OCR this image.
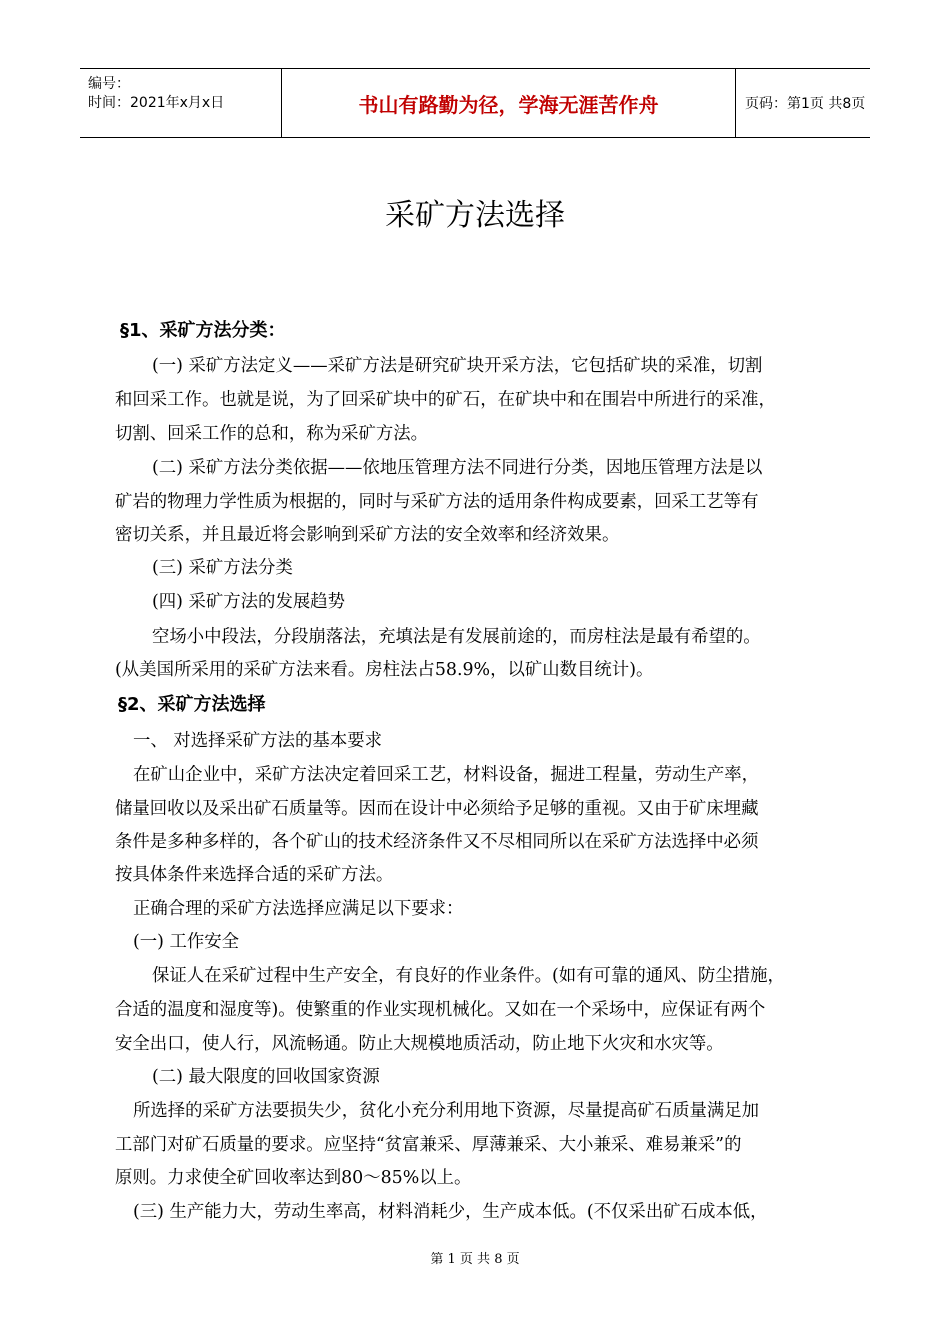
编号：
时间：2021年x月x日	书山有路勤为径，学海无涯苦作舟	页码：第1页 共8页
采矿方法选择
§1、采矿方法分类：
(一) 采矿方法定义——采矿方法是研究矿块开采方法，它包括矿块的采准，切割
和回采工作。也就是说，为了回采矿块中的矿石，在矿块中和在围岩中所进行的采准，
切割、回采工作的总和，称为采矿方法。
(二) 采矿方法分类依据——依地压管理方法不同进行分类，因地压管理方法是以
矿岩的物理力学性质为根据的，同时与采矿方法的适用条件构成要素，回采工艺等有
密切关系，并且最近将会影响到采矿方法的安全效率和经济效果。
(三) 采矿方法分类
(四) 采矿方法的发展趋势
空场小中段法，分段崩落法，充填法是有发展前途的，而房柱法是最有希望的。
(从美国所采用的采矿方法来看。房柱法占58.9%，以矿山数目统计)。
§2、采矿方法选择
一、 对选择采矿方法的基本要求
在矿山企业中，采矿方法决定着回采工艺，材料设备，掘进工程量，劳动生产率，
储量回收以及采出矿石质量等。因而在设计中必须给予足够的重视。又由于矿床埋藏
条件是多种多样的，各个矿山的技术经济条件又不尽相同所以在采矿方法选择中必须
按具体条件来选择合适的采矿方法。
正确合理的采矿方法选择应满足以下要求：
(一) 工作安全
保证人在采矿过程中生产安全，有良好的作业条件。(如有可靠的通风、防尘措施，
合适的温度和湿度等)。使繁重的作业实现机械化。又如在一个采场中，应保证有两个
安全出口，使人行，风流畅通。防止大规模地质活动，防止地下火灾和水灾等。
(二) 最大限度的回收国家资源
所选择的采矿方法要损失少，贫化小充分利用地下资源，尽量提高矿石质量满足加
工部门对矿石质量的要求。应坚持“贫富兼采、厚薄兼采、大小兼采、难易兼采”的
原则。力求使全矿回收率达到80～85%以上。
(三) 生产能力大，劳动生率高，材料消耗少，生产成本低。(不仅采出矿石成本低，
第 1 页 共 8 页
